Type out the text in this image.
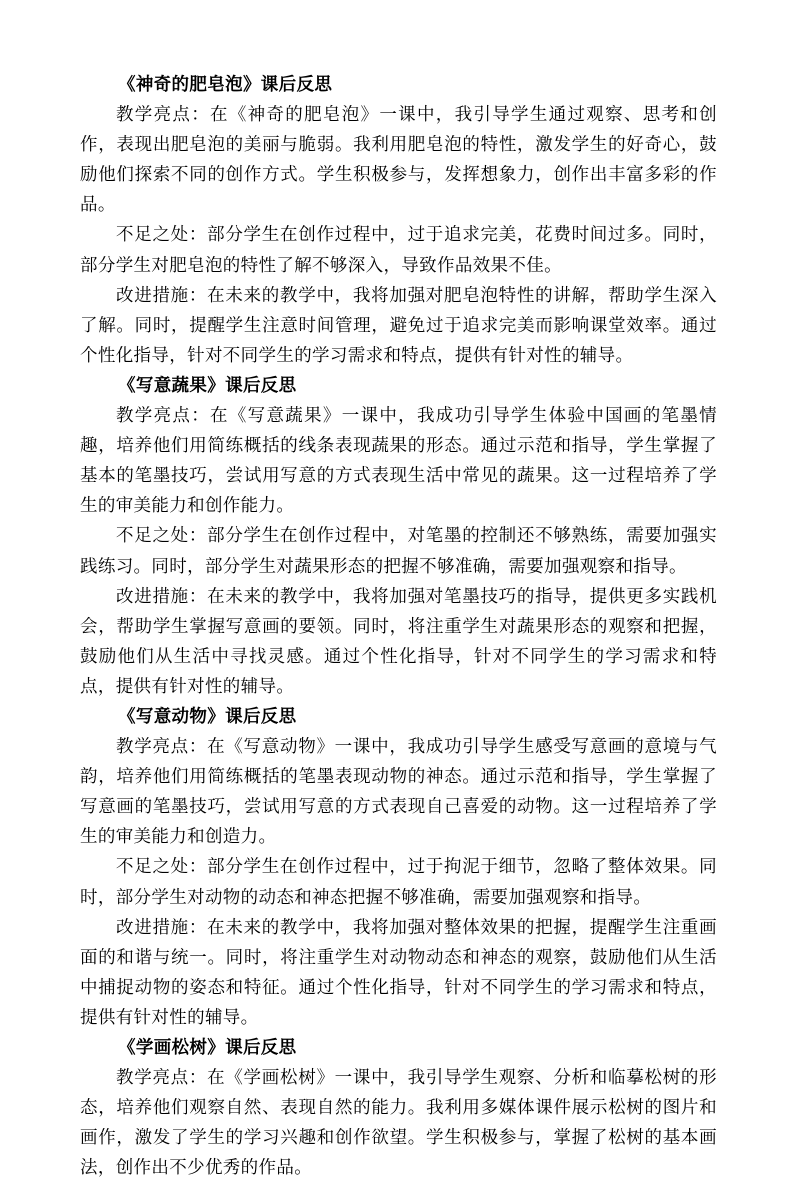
《神奇的肥皂泡》课后反思

教学亮点：在《神奇的肥皂泡》一课中，我引导学生通过观察、思考和创作，表现出肥皂泡的美丽与脆弱。我利用肥皂泡的特性，激发学生的好奇心，鼓励他们探索不同的创作方式。学生积极参与，发挥想象力，创作出丰富多彩的作品。

不足之处：部分学生在创作过程中，过于追求完美，花费时间过多。同时，部分学生对肥皂泡的特性了解不够深入，导致作品效果不佳。

改进措施：在未来的教学中，我将加强对肥皂泡特性的讲解，帮助学生深入了解。同时，提醒学生注意时间管理，避免过于追求完美而影响课堂效率。通过个性化指导，针对不同学生的学习需求和特点，提供有针对性的辅导。

《写意蔬果》课后反思

教学亮点：在《写意蔬果》一课中，我成功引导学生体验中国画的笔墨情趣，培养他们用简练概括的线条表现蔬果的形态。通过示范和指导，学生掌握了基本的笔墨技巧，尝试用写意的方式表现生活中常见的蔬果。这一过程培养了学生的审美能力和创作能力。

不足之处：部分学生在创作过程中，对笔墨的控制还不够熟练，需要加强实践练习。同时，部分学生对蔬果形态的把握不够准确，需要加强观察和指导。

改进措施：在未来的教学中，我将加强对笔墨技巧的指导，提供更多实践机会，帮助学生掌握写意画的要领。同时，将注重学生对蔬果形态的观察和把握，鼓励他们从生活中寻找灵感。通过个性化指导，针对不同学生的学习需求和特点，提供有针对性的辅导。

《写意动物》课后反思

教学亮点：在《写意动物》一课中，我成功引导学生感受写意画的意境与气韵，培养他们用简练概括的笔墨表现动物的神态。通过示范和指导，学生掌握了写意画的笔墨技巧，尝试用写意的方式表现自己喜爱的动物。这一过程培养了学生的审美能力和创造力。

不足之处：部分学生在创作过程中，过于拘泥于细节，忽略了整体效果。同时，部分学生对动物的动态和神态把握不够准确，需要加强观察和指导。

改进措施：在未来的教学中，我将加强对整体效果的把握，提醒学生注重画面的和谐与统一。同时，将注重学生对动物动态和神态的观察，鼓励他们从生活中捕捉动物的姿态和特征。通过个性化指导，针对不同学生的学习需求和特点，提供有针对性的辅导。

《学画松树》课后反思

教学亮点：在《学画松树》一课中，我引导学生观察、分析和临摹松树的形态，培养他们观察自然、表现自然的能力。我利用多媒体课件展示松树的图片和画作，激发了学生的学习兴趣和创作欲望。学生积极参与，掌握了松树的基本画法，创作出不少优秀的作品。
